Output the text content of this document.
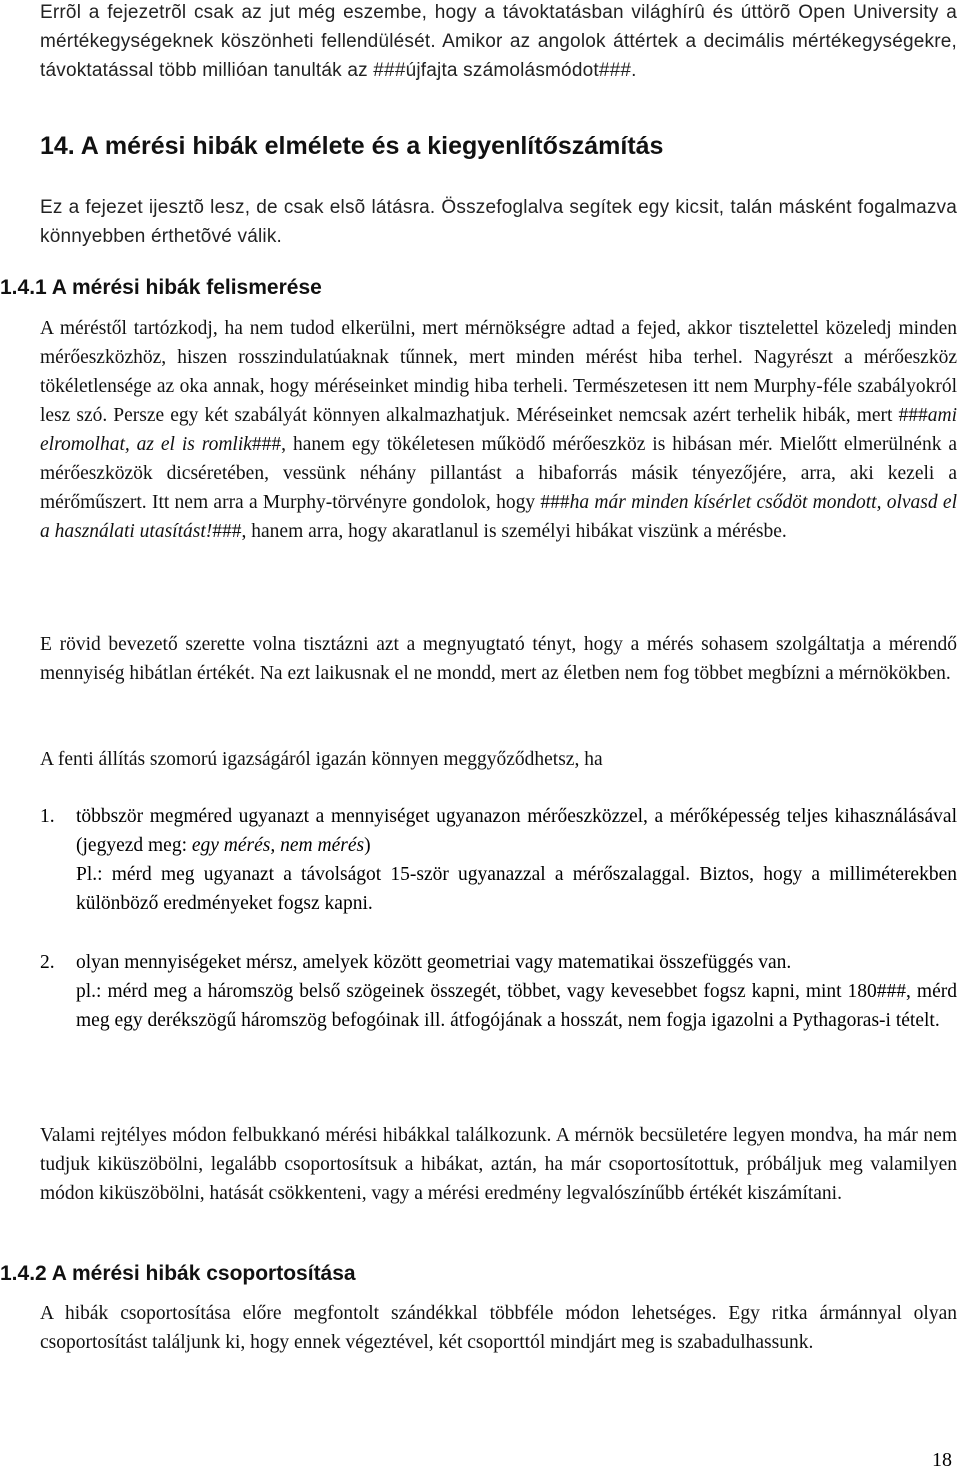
Errõl a fejezetrõl csak az jut még eszembe, hogy a távoktatásban világhírû és úttörõ Open University a mértékegységeknek köszönheti fellendülését. Amikor az angolok áttértek a decimális mértékegységekre, távoktatással több millióan tanulták az ###újfajta számolásmódot###.

14. A mérési hibák elmélete és a kiegyenlítőszámítás

Ez a fejezet ijesztõ lesz, de csak elsõ látásra. Összefoglalva segítek egy kicsit, talán másként fogalmazva könnyebben érthetõvé válik.

1.4.1 A mérési hibák felismerése

A méréstől tartózkodj, ha nem tudod elkerülni, mert mérnökségre adtad a fejed, akkor tisztelettel közeledj minden mérőeszközhöz, hiszen rosszindulatúaknak tűnnek, mert minden mérést hiba terhel. Nagyrészt a mérőeszköz tökéletlensége az oka annak, hogy méréseinket mindig hiba terheli. Természetesen itt nem Murphy-féle szabályokról lesz szó. Persze egy két szabályát könnyen alkalmazhatjuk. Méréseinket nemcsak azért terhelik hibák, mert ###ami elromolhat, az el is romlik###, hanem egy tökéletesen működő mérőeszköz is hibásan mér. Mielőtt elmerülnénk a mérőeszközök dicséretében, vessünk néhány pillantást a hibaforrás másik tényezőjére, arra, aki kezeli a mérőműszert. Itt nem arra a Murphy-törvényre gondolok, hogy ###ha már minden kísérlet csődöt mondott, olvasd el a használati utasítást!###, hanem arra, hogy akaratlanul is személyi hibákat viszünk a mérésbe.

E rövid bevezető szerette volna tisztázni azt a megnyugtató tényt, hogy a mérés sohasem szolgáltatja a mérendő mennyiség hibátlan értékét. Na ezt laikusnak el ne mondd, mert az életben nem fog többet megbízni a mérnökökben.

A fenti állítás szomorú igazságáról igazán könnyen meggyőződhetsz, ha

1. többször megméred ugyanazt a mennyiséget ugyanazon mérőeszközzel, a mérőképesség teljes kihasználásával (jegyezd meg: egy mérés, nem mérés)

Pl.: mérd meg ugyanazt a távolságot 15-ször ugyanazzal a mérőszalaggal. Biztos, hogy a milliméterekben különböző eredményeket fogsz kapni.

2. olyan mennyiségeket mérsz, amelyek között geometriai vagy matematikai összefüggés van.

pl.: mérd meg a háromszög belső szögeinek összegét, többet, vagy kevesebbet fogsz kapni, mint 180###, mérd meg egy derékszögű háromszög befogóinak ill. átfogójának a hosszát, nem fogja igazolni a Pythagoras-i tételt.

Valami rejtélyes módon felbukkanó mérési hibákkal találkozunk. A mérnök becsületére legyen mondva, ha már nem tudjuk kiküszöbölni, legalább csoportosítsuk a hibákat, aztán, ha már csoportosítottuk, próbáljuk meg valamilyen módon kiküszöbölni, hatását csökkenteni, vagy a mérési eredmény legvalószínűbb értékét kiszámítani.

1.4.2 A mérési hibák csoportosítása

A hibák csoportosítása előre megfontolt szándékkal többféle módon lehetséges. Egy ritka ármánnyal olyan csoportosítást találjunk ki, hogy ennek végeztével, két csoporttól mindjárt meg is szabadulhassunk.

18
